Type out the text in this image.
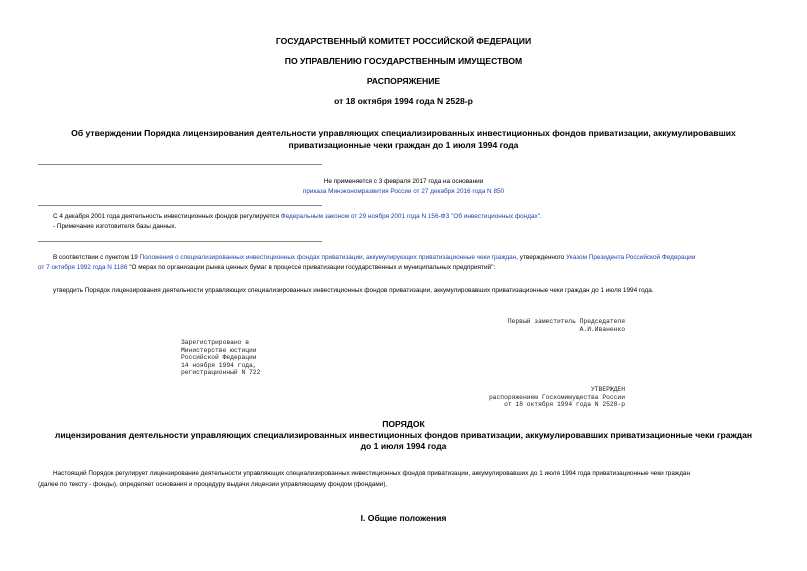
ГОСУДАРСТВЕННЫЙ КОМИТЕТ РОССИЙСКОЙ ФЕДЕРАЦИИ
ПО УПРАВЛЕНИЮ ГОСУДАРСТВЕННЫМ ИМУЩЕСТВОМ
РАСПОРЯЖЕНИЕ
от 18 октября 1994 года N 2528-р
Об утверждении Порядка лицензирования деятельности управляющих специализированных инвестиционных фондов приватизации, аккумулировавших
приватизационные чеки граждан до 1 июля 1994 года
Не применяется с 3 февраля 2017 года на основании
приказа Минэкономразвития России от 27 декабря 2016 года N 850
С 4 декабря 2001 года деятельность инвестиционных фондов регулируется Федеральным законом от 29 ноября 2001 года N 156-ФЗ "Об инвестиционных фондах".
- Примечание изготовителя базы данных.
В соответствии с пунктом 19 Положения о специализированных инвестиционных фондах приватизации, аккумулирующих приватизационные чеки граждан, утвержденного Указом Президента Российской Федерации
от 7 октября 1992 года N 1186 "О мерах по организации рынка ценных бумаг в процессе приватизации государственных и муниципальных предприятий":
утвердить Порядок лицензирования деятельности управляющих специализированных инвестиционных фондов приватизации, аккумулировавших приватизационные чеки граждан до 1 июля 1994 года.
Первый заместитель Председателя
А.И.Иваненко
Зарегистрировано в
Министерстве юстиции
Российской Федерации
14 ноября 1994 года,
регистрационный N 722
УТВЕРЖДЕН
распоряжением Госкомимущества России
от 18 октября 1994 года N 2528-р
ПОРЯДОК
лицензирования деятельности управляющих специализированных инвестиционных фондов приватизации, аккумулировавших приватизационные чеки граждан
до 1 июля 1994 года
Настоящий Порядок регулирует лицензирование деятельности управляющих специализированных инвестиционных фондов приватизации, аккумулировавших до 1 июля 1994 года приватизационные чеки граждан
(далее по тексту - фонды), определяет основания и процедуру выдачи лицензии управляющему фондом (фондами).
I. Общие положения
